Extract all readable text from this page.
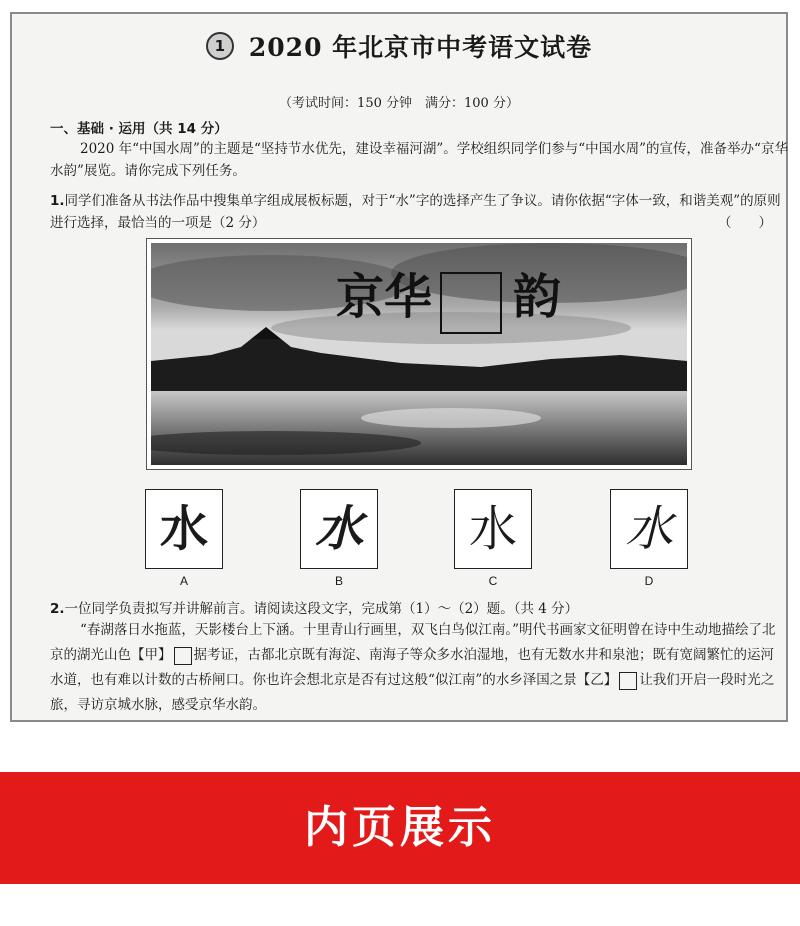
1 2020 年北京市中考语文试卷
（考试时间：150 分钟　满分：100 分）
一、基础 · 运用（共 14 分）
2020 年“中国水周”的主题是“坚持节水优先，建设幸福河湖”。学校组织同学们参与“中国水周”的宣传，准备举办“京华水韵”展览。请你完成下列任务。
1.同学们准备从书法作品中搜集单字组成展板标题，对于“水”字的选择产生了争议。请你依据“字体一致，和谐美观”的原则进行选择，最恰当的一项是（2 分）	（　　）
京华 韵
水
A
水
B
水
C
水
D
2.一位同学负责拟写并讲解前言。请阅读这段文字，完成第（1）～（2）题。（共 4 分）
“春湖落日水拖蓝，天影楼台上下涵。十里青山行画里，双飞白鸟似江南。”明代书画家文征明曾在诗中生动地描绘了北京的湖光山色【甲】 据考证，古都北京既有海淀、南海子等众多水泊湿地，也有无数水井和泉池；既有宽阔繁忙的运河水道，也有难以计数的古桥闸口。你也许会想北京是否有过这般“似江南”的水乡泽国之景【乙】 让我们开启一段时光之旅，寻访京城水脉，感受京华水韵。
内页展示
